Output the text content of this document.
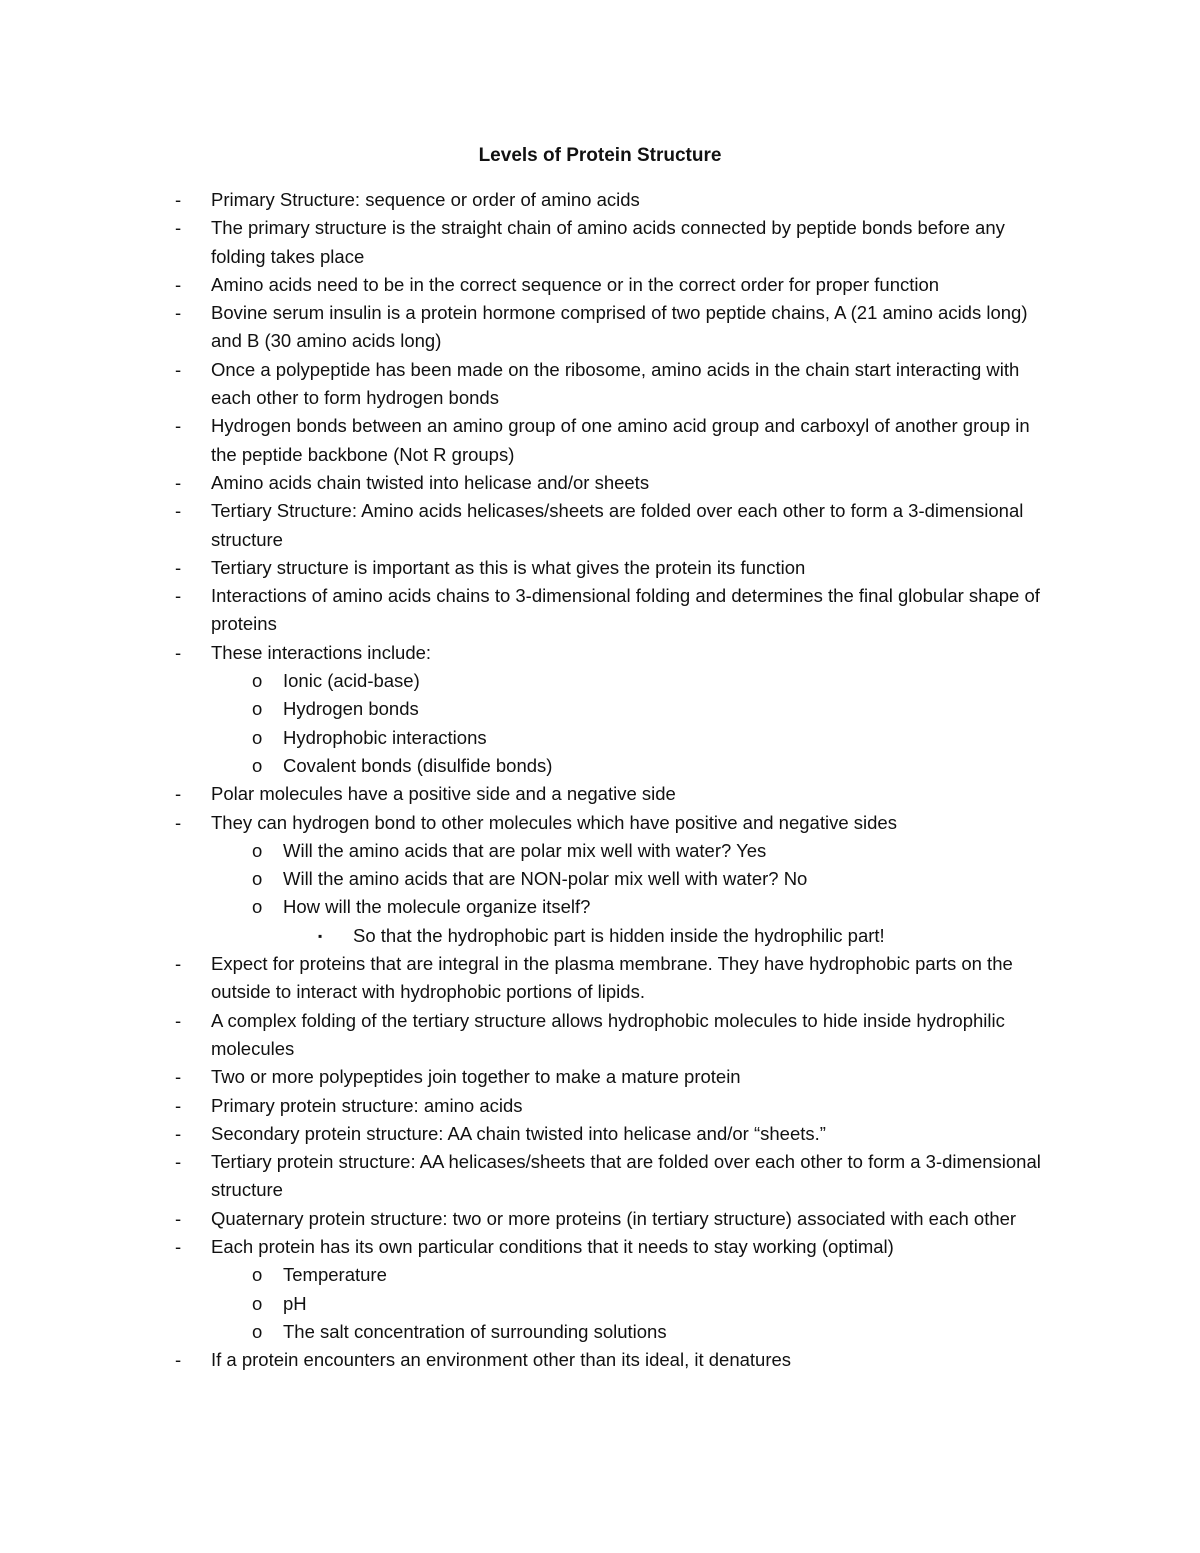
Levels of Protein Structure
- Primary Structure: sequence or order of amino acids
- The primary structure is the straight chain of amino acids connected by peptide bonds before any folding takes place
- Amino acids need to be in the correct sequence or in the correct order for proper function
- Bovine serum insulin is a protein hormone comprised of two peptide chains, A (21 amino acids long) and B (30 amino acids long)
- Once a polypeptide has been made on the ribosome, amino acids in the chain start interacting with each other to form hydrogen bonds
- Hydrogen bonds between an amino group of one amino acid group and carboxyl of another group in the peptide backbone (Not R groups)
- Amino acids chain twisted into helicase and/or sheets
- Tertiary Structure: Amino acids helicases/sheets are folded over each other to form a 3-dimensional structure
- Tertiary structure is important as this is what gives the protein its function
- Interactions of amino acids chains to 3-dimensional folding and determines the final globular shape of proteins
- These interactions include:
o Ionic (acid-base)
o Hydrogen bonds
o Hydrophobic interactions
o Covalent bonds (disulfide bonds)
- Polar molecules have a positive side and a negative side
- They can hydrogen bond to other molecules which have positive and negative sides
o Will the amino acids that are polar mix well with water? Yes
o Will the amino acids that are NON-polar mix well with water? No
o How will the molecule organize itself?
▪ So that the hydrophobic part is hidden inside the hydrophilic part!
- Expect for proteins that are integral in the plasma membrane. They have hydrophobic parts on the outside to interact with hydrophobic portions of lipids.
- A complex folding of the tertiary structure allows hydrophobic molecules to hide inside hydrophilic molecules
- Two or more polypeptides join together to make a mature protein
- Primary protein structure: amino acids
- Secondary protein structure: AA chain twisted into helicase and/or “sheets.”
- Tertiary protein structure: AA helicases/sheets that are folded over each other to form a 3-dimensional structure
- Quaternary protein structure: two or more proteins (in tertiary structure) associated with each other
- Each protein has its own particular conditions that it needs to stay working (optimal)
o Temperature
o pH
o The salt concentration of surrounding solutions
- If a protein encounters an environment other than its ideal, it denatures
